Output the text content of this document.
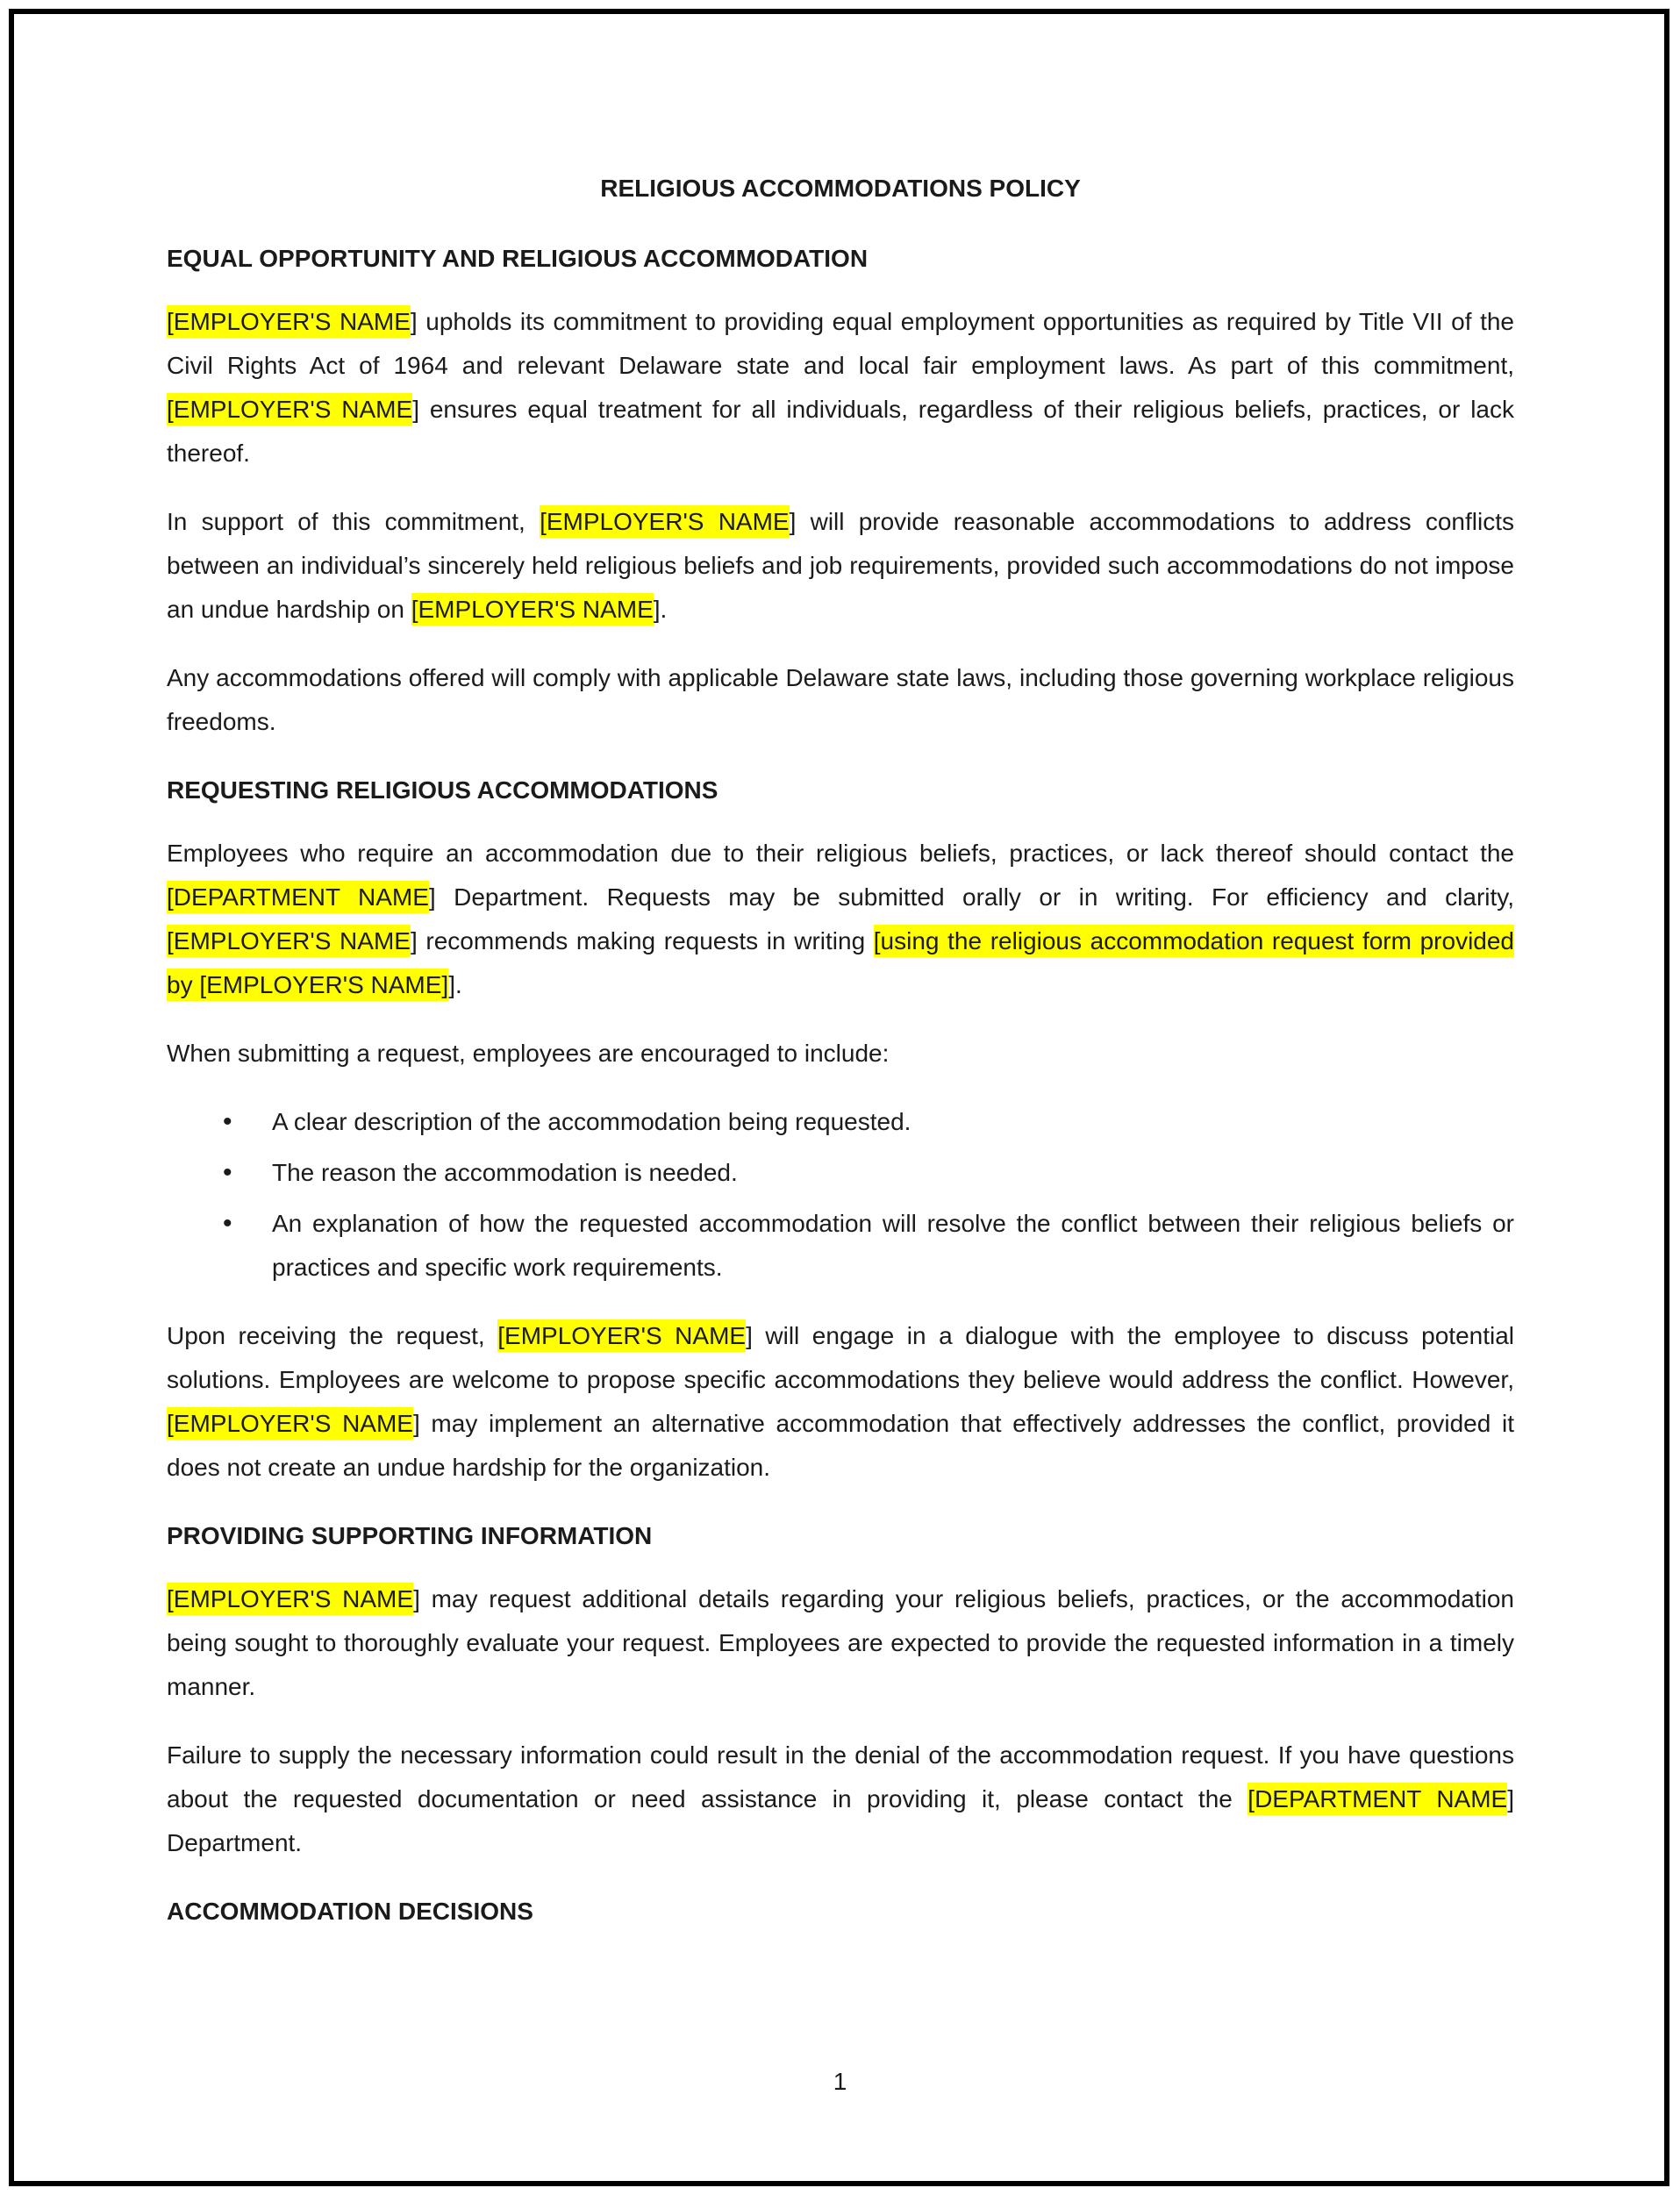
RELIGIOUS ACCOMMODATIONS POLICY
EQUAL OPPORTUNITY AND RELIGIOUS ACCOMMODATION

[EMPLOYER'S NAME] upholds its commitment to providing equal employment opportunities as required by Title VII of the Civil Rights Act of 1964 and relevant Delaware state and local fair employment laws. As part of this commitment, [EMPLOYER'S NAME] ensures equal treatment for all individuals, regardless of their religious beliefs, practices, or lack thereof.

In support of this commitment, [EMPLOYER'S NAME] will provide reasonable accommodations to address conflicts between an individual’s sincerely held religious beliefs and job requirements, provided such accommodations do not impose an undue hardship on [EMPLOYER'S NAME].

Any accommodations offered will comply with applicable Delaware state laws, including those governing workplace religious freedoms.

REQUESTING RELIGIOUS ACCOMMODATIONS

Employees who require an accommodation due to their religious beliefs, practices, or lack thereof should contact the [DEPARTMENT NAME] Department. Requests may be submitted orally or in writing. For efficiency and clarity, [EMPLOYER'S NAME] recommends making requests in writing [using the religious accommodation request form provided by [EMPLOYER'S NAME]].

When submitting a request, employees are encouraged to include:

• A clear description of the accommodation being requested.
• The reason the accommodation is needed.
• An explanation of how the requested accommodation will resolve the conflict between their religious beliefs or practices and specific work requirements.

Upon receiving the request, [EMPLOYER'S NAME] will engage in a dialogue with the employee to discuss potential solutions. Employees are welcome to propose specific accommodations they believe would address the conflict. However, [EMPLOYER'S NAME] may implement an alternative accommodation that effectively addresses the conflict, provided it does not create an undue hardship for the organization.

PROVIDING SUPPORTING INFORMATION

[EMPLOYER'S NAME] may request additional details regarding your religious beliefs, practices, or the accommodation being sought to thoroughly evaluate your request. Employees are expected to provide the requested information in a timely manner.

Failure to supply the necessary information could result in the denial of the accommodation request. If you have questions about the requested documentation or need assistance in providing it, please contact the [DEPARTMENT NAME] Department.

ACCOMMODATION DECISIONS
1
